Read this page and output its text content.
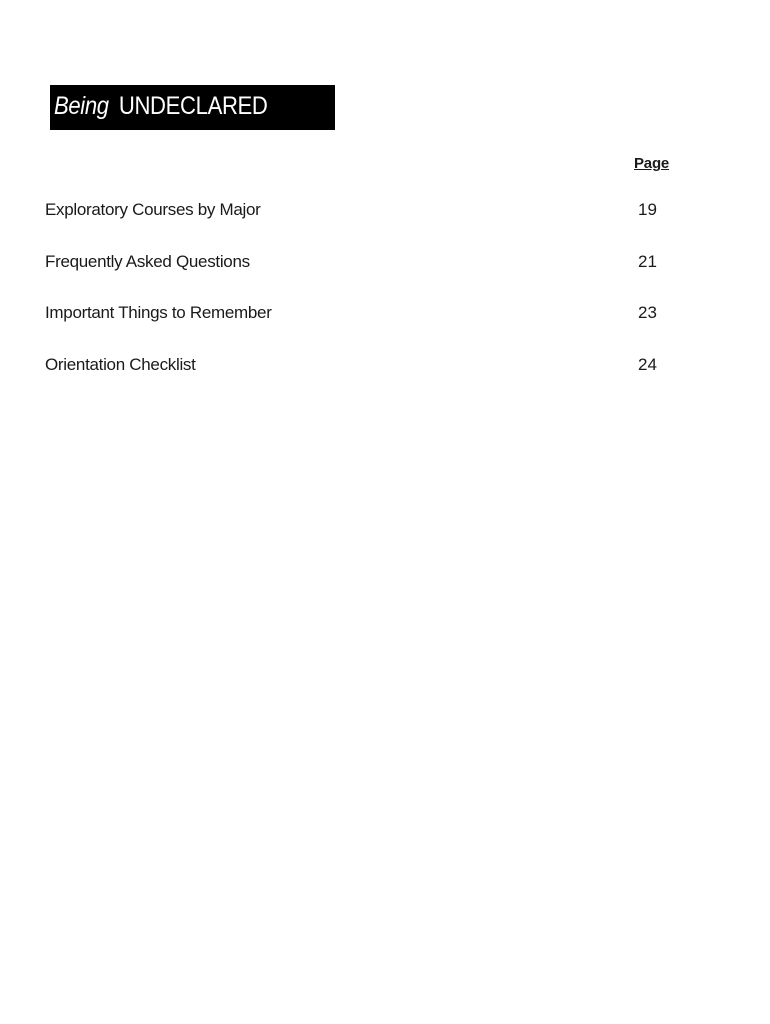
Being UNDECLARED
Page
Exploratory Courses by Major	19
Frequently Asked Questions	21
Important Things to Remember	23
Orientation Checklist	24
